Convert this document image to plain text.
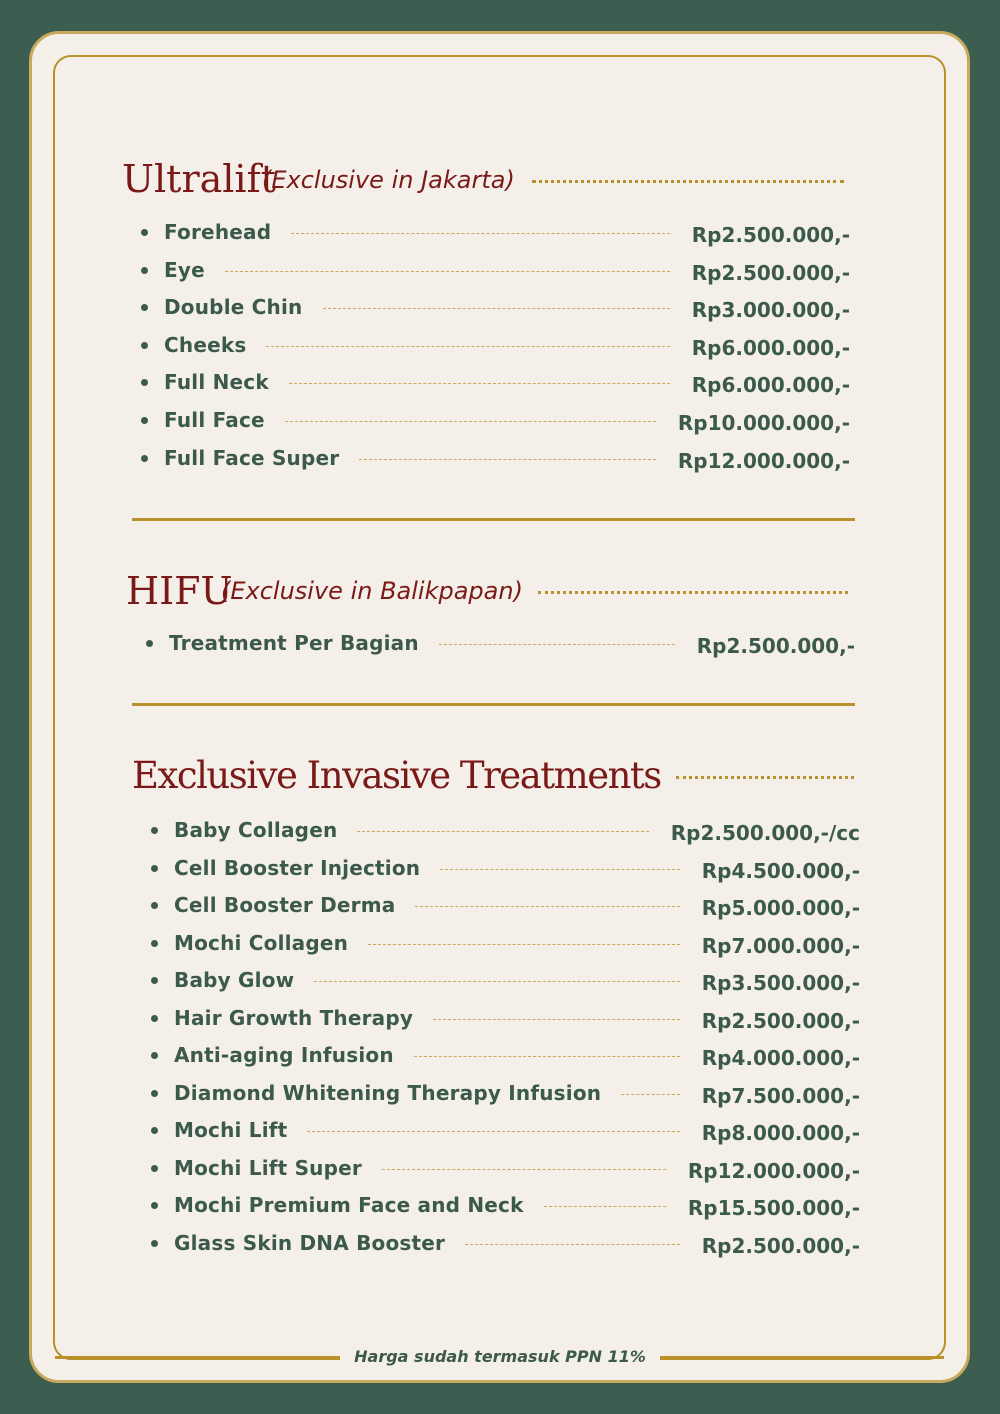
Ultralift
(Exclusive in Jakarta)
Forehead	Rp2.500.000,-
Eye	Rp2.500.000,-
Double Chin	Rp3.000.000,-
Cheeks	Rp6.000.000,-
Full Neck	Rp6.000.000,-
Full Face	Rp10.000.000,-
Full Face Super	Rp12.000.000,-
HIFU
(Exclusive in Balikpapan)
Treatment Per Bagian	Rp2.500.000,-
Exclusive Invasive Treatments
Baby Collagen	Rp2.500.000,-/cc
Cell Booster Injection	Rp4.500.000,-
Cell Booster Derma	Rp5.000.000,-
Mochi Collagen	Rp7.000.000,-
Baby Glow	Rp3.500.000,-
Hair Growth Therapy	Rp2.500.000,-
Anti-aging Infusion	Rp4.000.000,-
Diamond Whitening Therapy Infusion	Rp7.500.000,-
Mochi Lift	Rp8.000.000,-
Mochi Lift Super	Rp12.000.000,-
Mochi Premium Face and Neck	Rp15.500.000,-
Glass Skin DNA Booster	Rp2.500.000,-
Harga sudah termasuk PPN 11%
